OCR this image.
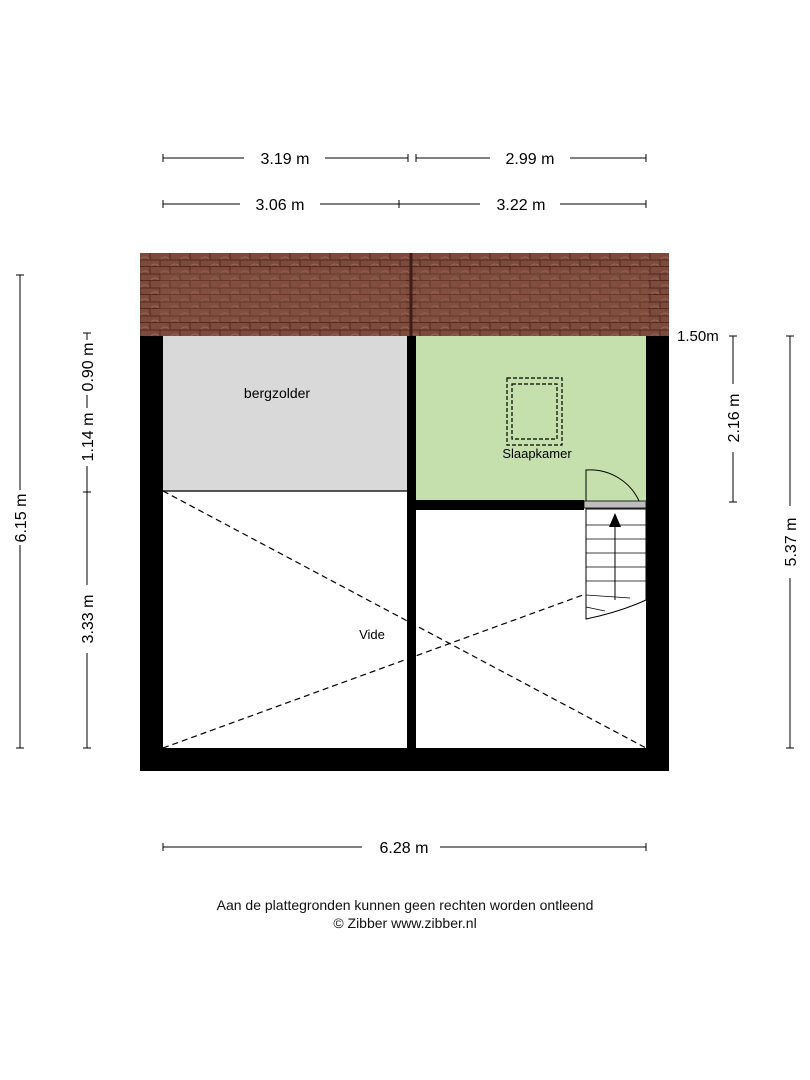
bergzolder
Slaapkamer
Vide
3.19 m	2.99 m
3.06 m	3.22 m
6.28 m
6.15 m
0.90 m
1.14 m
3.33 m
1.50m
2.16 m
5.37 m
Aan de plattegronden kunnen geen rechten worden ontleend
© Zibber www.zibber.nl
